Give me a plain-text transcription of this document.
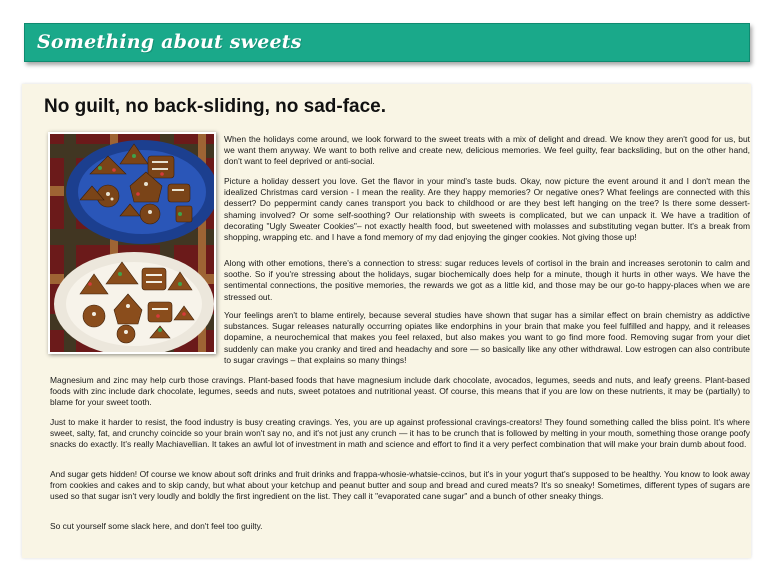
Something about sweets
No guilt, no back-sliding, no sad-face.

When the holidays come around, we look forward to the sweet treats with a mix of delight and dread. We know they aren't good for us, but we want them anyway. We want to both relive and create new, delicious memories. We feel guilty, fear backsliding, but on the other hand, don't want to feel deprived or anti-social.

Picture a holiday dessert you love. Get the flavor in your mind's taste buds. Okay, now picture the event around it and I don't mean the idealized Christmas card version - I mean the reality. Are they happy memories? Or negative ones? What feelings are connected with this dessert? Do peppermint candy canes transport you back to childhood or are they best left hanging on the tree? Is there some dessert-shaming involved? Or some self-soothing? Our relationship with sweets is complicated, but we can unpack it. We have a tradition of decorating "Ugly Sweater Cookies"– not exactly health food, but sweetened with molasses and substituting vegan butter. It's a break from shopping, wrapping etc. and I have a fond memory of my dad enjoying the ginger cookies. Not giving those up!

Along with other emotions, there's a connection to stress: sugar reduces levels of cortisol in the brain and increases serotonin to calm and soothe. So if you're stressing about the holidays, sugar biochemically does help for a minute, though it hurts in other ways. We have the sentimental connections, the positive memories, the rewards we got as a little kid, and those may be our go-to happy-places when we are stressed out.

Your feelings aren't to blame entirely, because several studies have shown that sugar has a similar effect on brain chemistry as addictive substances. Sugar releases naturally occurring opiates like endorphins in your brain that make you feel fulfilled and happy, and it releases dopamine, a neurochemical that makes you feel relaxed, but also makes you want to go find more food. Removing sugar from your diet suddenly can make you cranky and tired and headachy and sore — so basically like any other withdrawal. Low estrogen can also contribute to sugar cravings – that explains so many things!

Magnesium and zinc may help curb those cravings. Plant-based foods that have magnesium include dark chocolate, avocados, legumes, seeds and nuts, and leafy greens. Plant-based foods with zinc include dark chocolate, legumes, seeds and nuts, sweet potatoes and nutritional yeast. Of course, this means that if you are low on these nutrients, it may be (partially) to blame for your sweet tooth.

Just to make it harder to resist, the food industry is busy creating cravings. Yes, you are up against professional cravings-creators! They found something called the bliss point. It's where sweet, salty, fat, and crunchy coincide so your brain won't say no, and it's not just any crunch — it has to be crunch that is followed by melting in your mouth, something those orange poofy snacks do exactly. It's really Machiavellian. It takes an awful lot of investment in math and science and effort to find it a very perfect combination that will make your brain dumb about food.

And sugar gets hidden! Of course we know about soft drinks and fruit drinks and frappa-whosie-whatsie-ccinos, but it's in your yogurt that's supposed to be healthy. You know to look away from cookies and cakes and to skip candy, but what about your ketchup and peanut butter and soup and bread and cured meats? It's so sneaky! Sometimes, different types of sugars are used so that sugar isn't very loudly and boldly the first ingredient on the list. They call it "evaporated cane sugar" and a bunch of other sneaky things.

So cut yourself some slack here, and don't feel too guilty.
